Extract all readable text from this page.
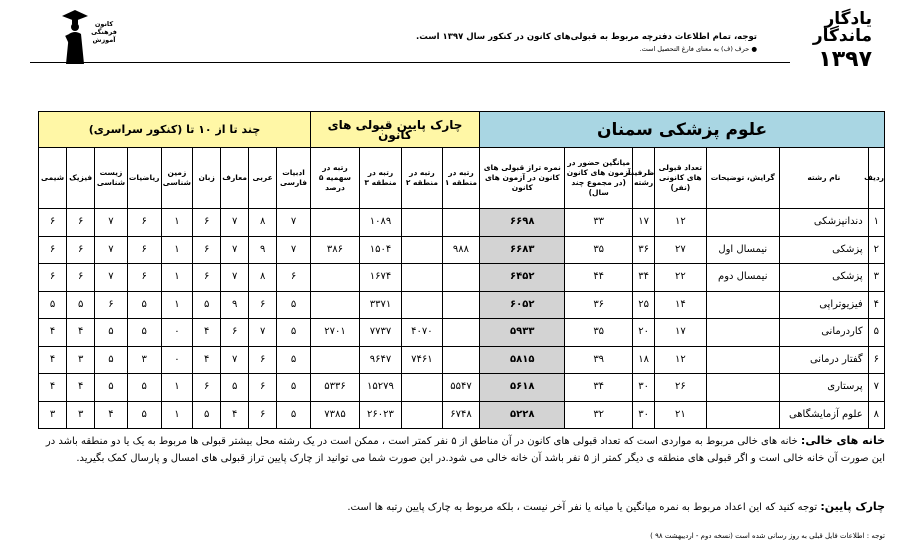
یادگار
ماندگار
۱۳۹۷
توجه، تمام اطلاعات دفترچه مربوط به قبولی‌های کانون در کنکور سال ۱۳۹۷ است.
● حرف (ف) به معنای فارغ التحصیل است.
کانون فرهنگی آموزش
علوم پزشکی سمنان							چارک پایین قبولی های کانون				چند تا از ۱۰ تا (کنکور سراسری)								
ردیف	نام رشته	گرایش، توضیحات	تعداد قبولی های کانونی (نفر)	ظرفیت رشته	میانگین حضور در آزمون های کانون (در مجموع چند سال)	نمره تراز قبولی های کانون در آزمون های کانون	رتبه در منطقه ۱	رتبه در منطقه ۲	رتبه در منطقه ۳	رتبه در سهمیه ۵ درصد	ادبیات فارسی	عربی	معارف	زبان	زمین شناسی	ریاضیات	زیست شناسی	فیزیک	شیمی
۱	دندانپزشکی		۱۲	۱۷	۳۳	۶۶۹۸			۱۰۸۹		۷	۸	۷	۶	۱	۶	۷	۶	۶
۲	پزشکی	نیمسال اول	۲۷	۳۶	۳۵	۶۶۸۳	۹۸۸		۱۵۰۴	۳۸۶	۷	۹	۷	۶	۱	۶	۷	۶	۶
۳	پزشکی	نیمسال دوم	۲۲	۳۴	۴۴	۶۴۵۲			۱۶۷۴		۶	۸	۷	۶	۱	۶	۷	۶	۶
۴	فیزیوتراپی		۱۴	۲۵	۳۶	۶۰۵۲			۳۳۷۱		۵	۶	۹	۵	۱	۵	۶	۵	۵
۵	کاردرمانی		۱۷	۲۰	۳۵	۵۹۳۳		۴۰۷۰	۷۷۳۷	۲۷۰۱	۵	۷	۶	۴	۰	۵	۵	۴	۴
۶	گفتار درمانی		۱۲	۱۸	۳۹	۵۸۱۵		۷۴۶۱	۹۶۴۷		۵	۶	۷	۴	۰	۳	۵	۳	۴
۷	پرستاری		۲۶	۳۰	۳۴	۵۶۱۸	۵۵۴۷		۱۵۲۷۹	۵۳۳۶	۵	۶	۵	۶	۱	۵	۵	۴	۴
۸	علوم آزمایشگاهی		۲۱	۳۰	۳۲	۵۲۲۸	۶۷۴۸		۲۶۰۲۳	۷۳۸۵	۵	۶	۴	۵	۱	۵	۴	۳	۳
خانه های خالی: خانه های خالی مربوط به مواردی است که تعداد قبولی های کانون در آن مناطق از ۵ نفر کمتر است ، ممکن است در یک رشته محل بیشتر قبولی ها مربوط به یک یا دو منطقه باشد در این صورت آن خانه خالی است و اگر قبولی های منطقه ی دیگر کمتر از ۵ نفر باشد آن خانه خالی می شود.در این صورت شما می توانید از چارک پایین تراز قبولی های امسال و پارسال کمک بگیرید.
چارک پایین: توجه کنید که این اعداد مربوط به نمره میانگین یا میانه یا نفر آخر نیست ، بلکه مربوط به چارک پایین رتبه ها است.
توجه : اطلاعات فایل قبلی به روز رسانی شده است (نسخه دوم - اردیبهشت ۹۸ )
